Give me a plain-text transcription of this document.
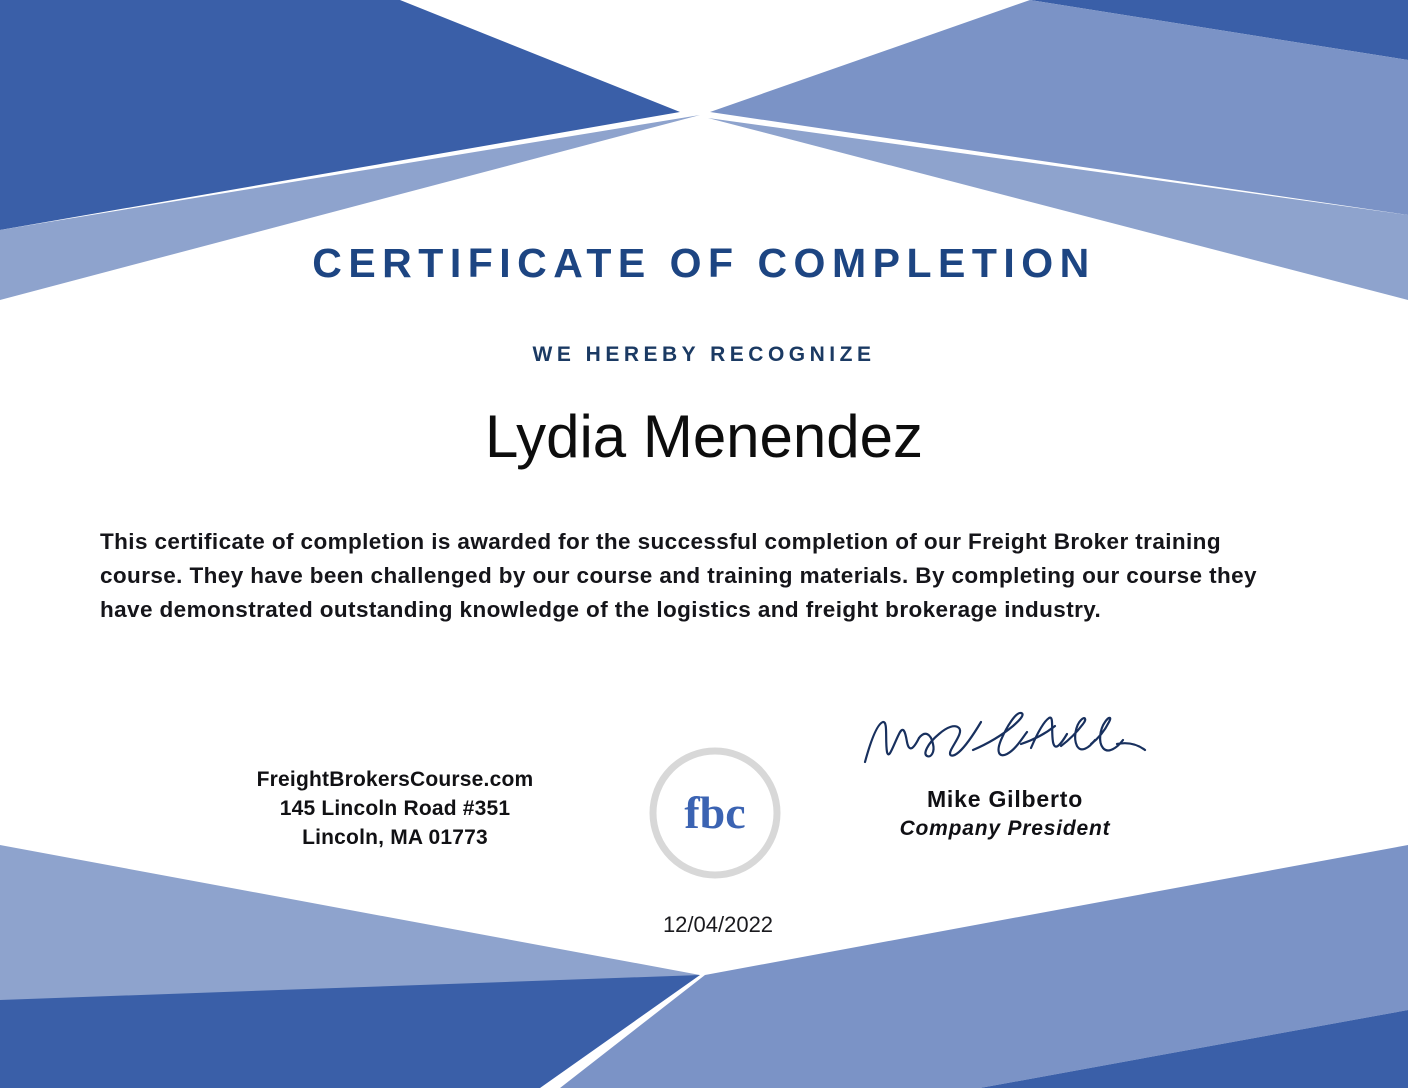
CERTIFICATE OF COMPLETION
WE HEREBY RECOGNIZE
Lydia Menendez
This certificate of completion is awarded for the successful completion of our Freight Broker training course. They have been challenged by our course and training materials. By completing our course they have demonstrated outstanding knowledge of the logistics and freight brokerage industry.
FreightBrokersCourse.com
145 Lincoln Road #351
Lincoln, MA 01773	fbc	Mike Gilberto
Company President
12/04/2022
